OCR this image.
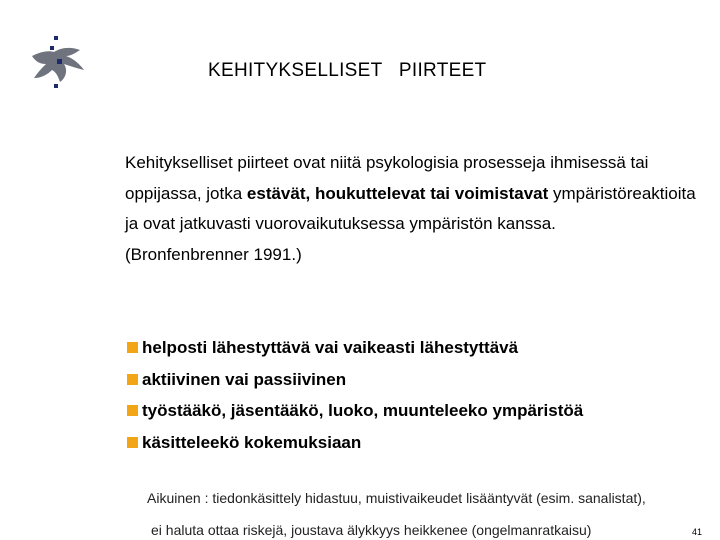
KEHITYKSELLISET   PIIRTEET
Kehitykselliset piirteet ovat niitä psykologisia prosesseja ihmisessä tai oppijassa, jotka estävät, houkuttelevat tai voimistavat ympäristöreaktioita ja ovat jatkuvasti vuorovaikutuksessa ympäristön kanssa.
(Bronfenbrenner 1991.)
helposti lähestyttävä vai vaikeasti lähestyttävä
aktiivinen vai passiivinen
työstääkö, jäsentääkö, luoko, muunteleeko ympäristöä
käsitteleekö kokemuksiaan
Aikuinen : tiedonkäsittely hidastuu, muistivaikeudet lisääntyvät (esim. sanalistat),
ei haluta ottaa riskejä, joustava älykkyys heikkenee (ongelmanratkaisu)	41
